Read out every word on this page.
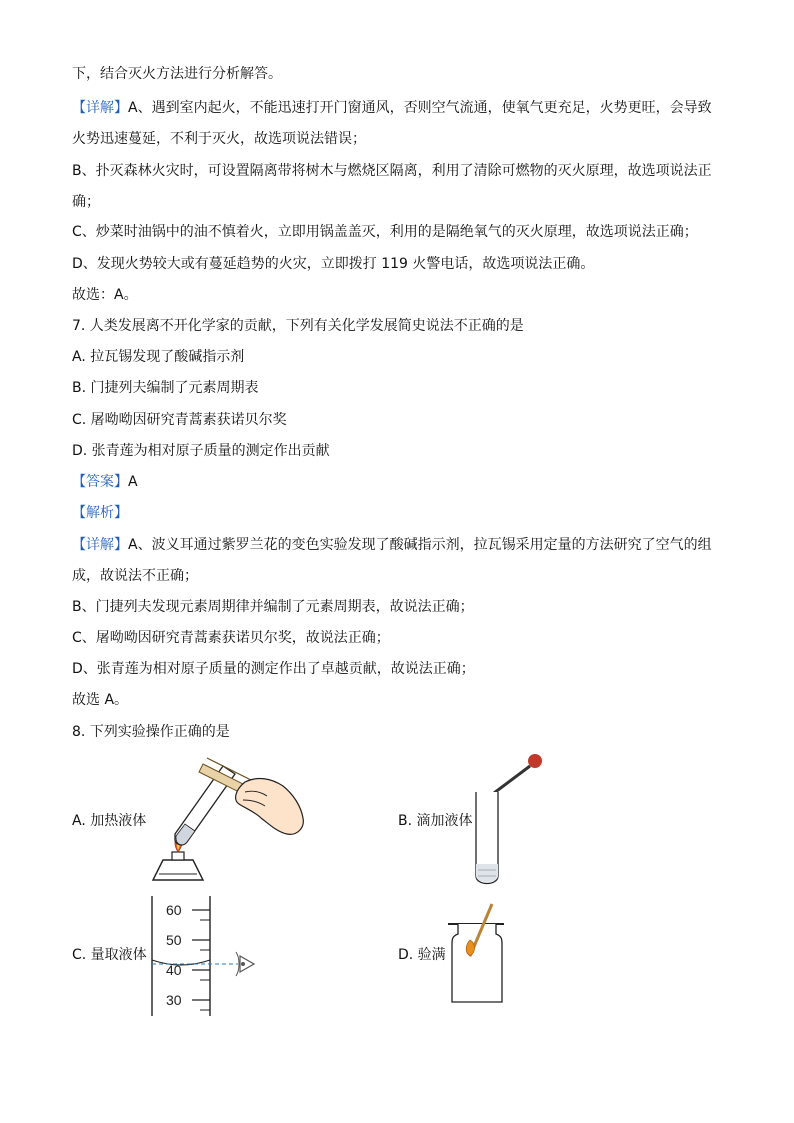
下，结合灭火方法进行分析解答。
【详解】A、遇到室内起火，不能迅速打开门窗通风，否则空气流通，使氧气更充足，火势更旺，会导致
火势迅速蔓延，不利于灭火，故选项说法错误；
B、扑灭森林火灾时，可设置隔离带将树木与燃烧区隔离，利用了清除可燃物的灭火原理，故选项说法正
确；
C、炒菜时油锅中的油不慎着火，立即用锅盖盖灭，利用的是隔绝氧气的灭火原理，故选项说法正确；
D、发现火势较大或有蔓延趋势的火灾，立即拨打 119 火警电话，故选项说法正确。
故选：A。
7. 人类发展离不开化学家的贡献，下列有关化学发展简史说法不正确的是
A. 拉瓦锡发现了酸碱指示剂
B. 门捷列夫编制了元素周期表
C. 屠呦呦因研究青蒿素获诺贝尔奖
D. 张青莲为相对原子质量的测定作出贡献
【答案】A
【解析】
【详解】A、波义耳通过紫罗兰花的变色实验发现了酸碱指示剂，拉瓦锡采用定量的方法研究了空气的组
成，故说法不正确；
B、门捷列夫发现元素周期律并编制了元素周期表，故说法正确；
C、屠呦呦因研究青蒿素获诺贝尔奖，故说法正确；
D、张青莲为相对原子质量的测定作出了卓越贡献，故说法正确；
故选 A。
8. 下列实验操作正确的是
A. 加热液体	B. 滴加液体
C. 量取液体	D. 验满
60
50
40
30
